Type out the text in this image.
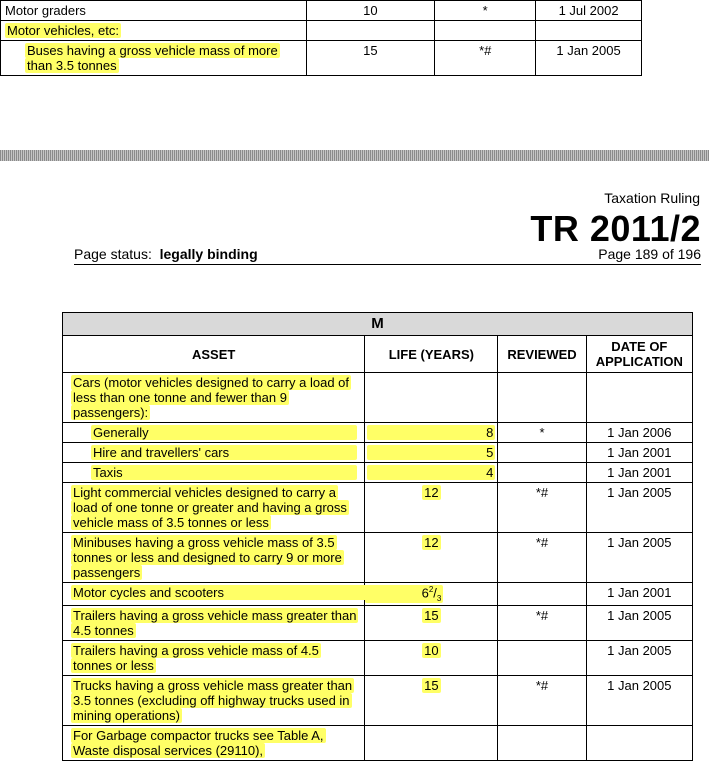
Motor graders	10	*	1 Jul 2002
Motor vehicles, etc:			
Buses having a gross vehicle mass of more than 3.5 tonnes	15	*#	1 Jan 2005
Taxation Ruling
TR 2011/2
Page status: legally binding	Page 189 of 196
M			
ASSET	LIFE (YEARS)	REVIEWED	DATE OF APPLICATION
Cars (motor vehicles designed to carry a load of less than one tonne and fewer than 9 passengers):			
Generally	8	*	1 Jan 2006
Hire and travellers' cars	5		1 Jan 2001
Taxis	4		1 Jan 2001
Light commercial vehicles designed to carry a load of one tonne or greater and having a gross vehicle mass of 3.5 tonnes or less	12	*#	1 Jan 2005
Minibuses having a gross vehicle mass of 3.5 tonnes or less and designed to carry 9 or more passengers	12	*#	1 Jan 2005
Motor cycles and scooters	$6^2/_3$		1 Jan 2001
Trailers having a gross vehicle mass greater than 4.5 tonnes	15	*#	1 Jan 2005
Trailers having a gross vehicle mass of 4.5 tonnes or less	10		1 Jan 2005
Trucks having a gross vehicle mass greater than 3.5 tonnes (excluding off highway trucks used in mining operations)	15	*#	1 Jan 2005
For Garbage compactor trucks see Table A, Waste disposal services (29110),			
